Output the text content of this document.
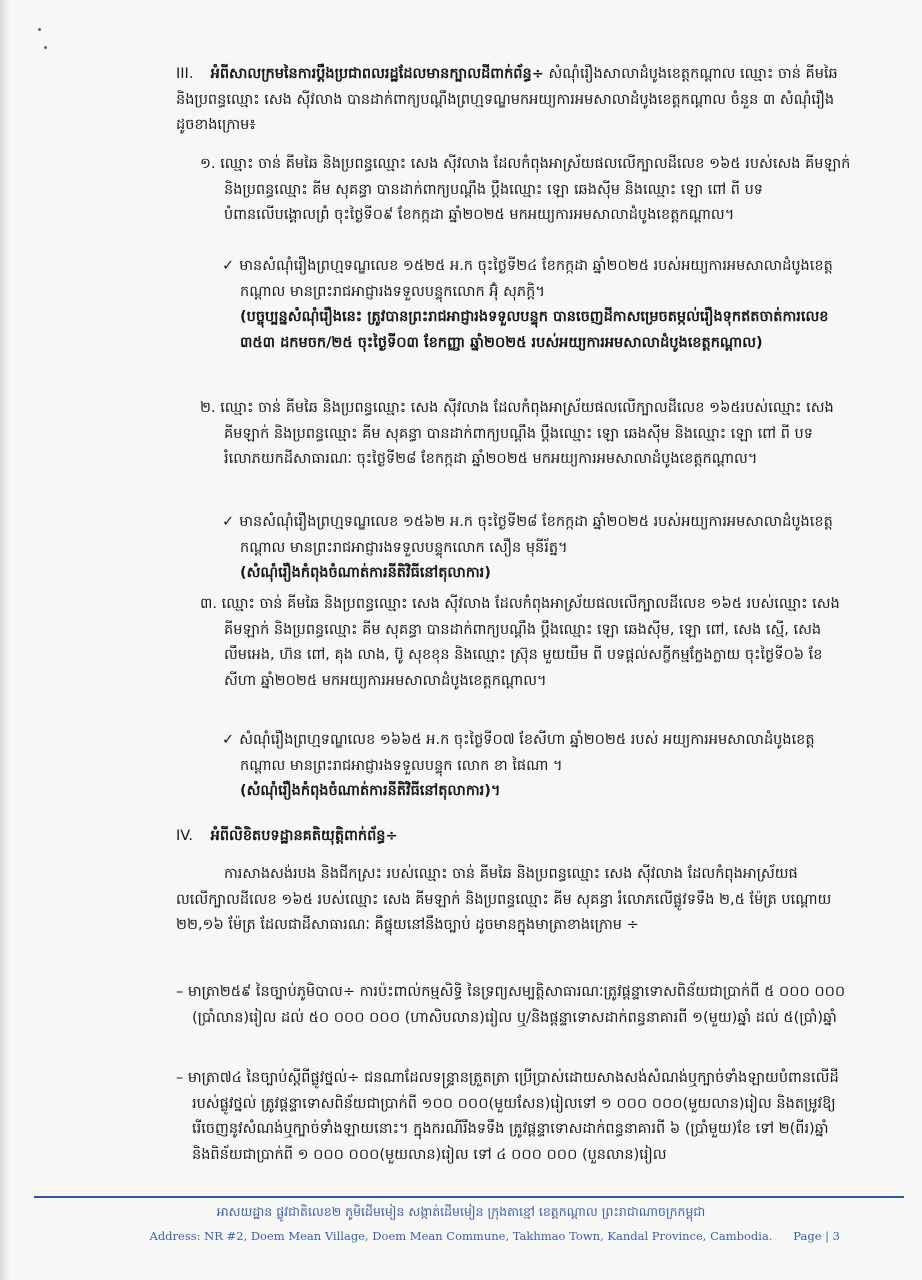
III. អំពីសាលក្រមនៃការប្តឹងប្រជាពលរដ្ឋដែលមានក្បាលដីពាក់ព័ន្ធ÷ សំណុំរឿងសាលាដំបូងខេត្តកណ្តាល ឈ្មោះ ចាន់ គីមឆៃ និងប្រពន្ធឈ្មោះ សេង ស៊ីវលាង បានដាក់ពាក្យបណ្តឹងព្រហ្មទណ្ឌមកអយ្យការអមសាលាដំបូងខេត្តកណ្តាល ចំនួន ៣ សំណុំរឿង ដូចខាងក្រោម៖

១. ឈ្មោះ ចាន់ គីមឆៃ និងប្រពន្ធឈ្មោះ សេង ស៊ីវលាង ដែលកំពុងអាស្រ័យផលលើក្បាលដីលេខ ១៦៥ របស់សេង គីមឡាក់ និងប្រពន្ធឈ្មោះ គីម សុគន្ធា បានដាក់ពាក្យបណ្តឹង ប្តឹងឈ្មោះ ឡោ ឆេងស៊ីម និងឈ្មោះ ឡោ ពៅ ពី បទបំពានលើបង្គោលព្រំ ចុះថ្ងៃទី០៩ ខែកក្កដា ឆ្នាំ២០២៥ មកអយ្យការអមសាលាដំបូងខេត្តកណ្តាល។

✓ មានសំណុំរឿងព្រហ្មទណ្ឌលេខ ១៥២៥ អ.ក ចុះថ្ងៃទី២៤ ខែកក្កដា ឆ្នាំ២០២៥ របស់អយ្យការអមសាលាដំបូងខេត្តកណ្តាល មានព្រះរាជអាជ្ញារងទទួលបន្ទុកលោក អ៊ុំ សុភក្តិ។

(បច្ចុប្បន្នសំណុំរឿងនេះ ត្រូវបានព្រះរាជអាជ្ញារងទទួលបន្ទុក បានចេញដីកាសម្រេចតម្កល់រឿងទុកឥតចាត់ការលេខ ៣៥៣ ដកមចក/២៥ ចុះថ្ងៃទី០៣ ខែកញ្ញា ឆ្នាំ២០២៥ របស់អយ្យការអមសាលាដំបូងខេត្តកណ្តាល)

២. ឈ្មោះ ចាន់ គីមឆៃ និងប្រពន្ធឈ្មោះ សេង ស៊ីវលាង ដែលកំពុងអាស្រ័យផលលើក្បាលដីលេខ ១៦៥របស់ឈ្មោះ សេង គីមឡាក់ និងប្រពន្ធឈ្មោះ គីម សុគន្ធា បានដាក់ពាក្យបណ្តឹង ប្តឹងឈ្មោះ ឡោ ឆេងស៊ីម និងឈ្មោះ ឡោ ពៅ ពី បទរំលោភយកដីសាធារណៈ ចុះថ្ងៃទី២៨ ខែកក្កដា ឆ្នាំ២០២៥ មកអយ្យការអមសាលាដំបូងខេត្តកណ្តាល។

✓ មានសំណុំរឿងព្រហ្មទណ្ឌលេខ ១៥៦២ អ.ក ចុះថ្ងៃទី២៨ ខែកក្កដា ឆ្នាំ២០២៥ របស់អយ្យការអមសាលាដំបូងខេត្តកណ្តាល មានព្រះរាជអាជ្ញារងទទួលបន្ទុកលោក សឿន មុនីរ័ត្ន។

(សំណុំរឿងកំពុងចំណាត់ការនីតិវិធីនៅតុលាការ)

៣. ឈ្មោះ ចាន់ គីមឆៃ និងប្រពន្ធឈ្មោះ សេង ស៊ីវលាង ដែលកំពុងអាស្រ័យផលលើក្បាលដីលេខ ១៦៥ របស់ឈ្មោះ សេង គីមឡាក់ និងប្រពន្ធឈ្មោះ គីម សុគន្ធា បានដាក់ពាក្យបណ្តឹង ប្តឹងឈ្មោះ ឡោ ឆេងស៊ីម, ឡោ ពៅ, សេង ស្មើ, សេង លឹមអេង, ហ៊ន ពៅ, គុង លាង, ប៊ូ សុខខុន និងឈ្មោះ ស្រ៊ុន មួយយឹម ពី បទផ្តល់សក្ខីកម្មក្លែងក្លាយ ចុះថ្ងៃទី០៦ ខែសីហា ឆ្នាំ២០២៥ មកអយ្យការអមសាលាដំបូងខេត្តកណ្តាល។

✓ សំណុំរឿងព្រហ្មទណ្ឌលេខ ១៦៦៥ អ.ក ចុះថ្ងៃទី០៧ ខែសីហា ឆ្នាំ២០២៥ របស់ អយ្យការអមសាលាដំបូងខេត្តកណ្តាល មានព្រះរាជអាជ្ញារងទទួលបន្ទុក លោក ខា ផៃណា ។

(សំណុំរឿងកំពុងចំណាត់ការនីតិវិធីនៅតុលាការ)។

IV. អំពីលិខិតបទដ្ឋានគតិយុត្តិពាក់ព័ន្ធ÷

ការសាងសង់របង និងជីកស្រះ របស់ឈ្មោះ ចាន់ គីមឆៃ និងប្រពន្ធឈ្មោះ សេង ស៊ីវលាង ដែលកំពុងអាស្រ័យផលលើក្បាលដីលេខ ១៦៥ របស់ឈ្មោះ សេង គីមឡាក់ និងប្រពន្ធឈ្មោះ គីម សុគន្ធា រំលោភលើផ្លូវទទឹង ២,៥ ម៉ែត្រ បណ្តោយ ២២,១៦ ម៉ែត្រ ដែលជាដីសាធារណៈ គឺផ្ទុយនៅនឹងច្បាប់ ដូចមានក្នុងមាត្រាខាងក្រោម ÷

– មាត្រា២៥៩ នៃច្បាប់ភូមិបាល÷ ការប៉ះពាល់កម្មសិទ្ធិ នៃទ្រព្យសម្បត្តិសាធារណៈត្រូវផ្តន្ទាទោសពិន័យជាប្រាក់ពី ៥ ០០០ ០០០ (ប្រាំលាន)រៀល ដល់ ៥០ ០០០ ០០០ (ហាសិបលាន)រៀល ឬ/និងផ្តន្ទាទោសដាក់ពន្ធនាគារពី ១(មួយ)ឆ្នាំ ដល់ ៥(ប្រាំ)ឆ្នាំ

– មាត្រា៧៤ នៃច្បាប់ស្តីពីផ្លូវថ្នល់÷ ជនណាដែលទន្ទ្រានត្រួតត្រា ប្រើប្រាស់ដោយសាងសង់សំណង់ឬក្បាច់ទាំងឡាយបំពានលើដីរបស់ផ្លូវថ្នល់ ត្រូវផ្តន្ទាទោសពិន័យជាប្រាក់ពី ១០០ ០០០(មួយសែន)រៀលទៅ ១ ០០០ ០០០(មួយលាន)រៀល និងតម្រូវឱ្យរើចេញនូវសំណង់ឬក្បាច់ទាំងឡាយនោះ។ ក្នុងករណីរឹងទទឹង ត្រូវផ្តន្ទាទោសដាក់ពន្ធនាគារពី ៦ (ប្រាំមួយ)ខែ ទៅ ២(ពីរ)ឆ្នាំ និងពិន័យជាប្រាក់ពី ១ ០០០ ០០០(មួយលាន)រៀល ទៅ ៤ ០០០ ០០០ (បួនលាន)រៀល

អាសយដ្ឋាន ផ្លូវជាតិលេខ២ ភូមិដើមមៀន សង្កាត់ដើមមៀន ក្រុងតាខ្មៅ ខេត្តកណ្តាល ព្រះរាជាណាចក្រកម្ពុជា
Address: NR #2, Doem Mean Village, Doem Mean Commune, Takhmao Town, Kandal Province, Cambodia.	Page | 3
